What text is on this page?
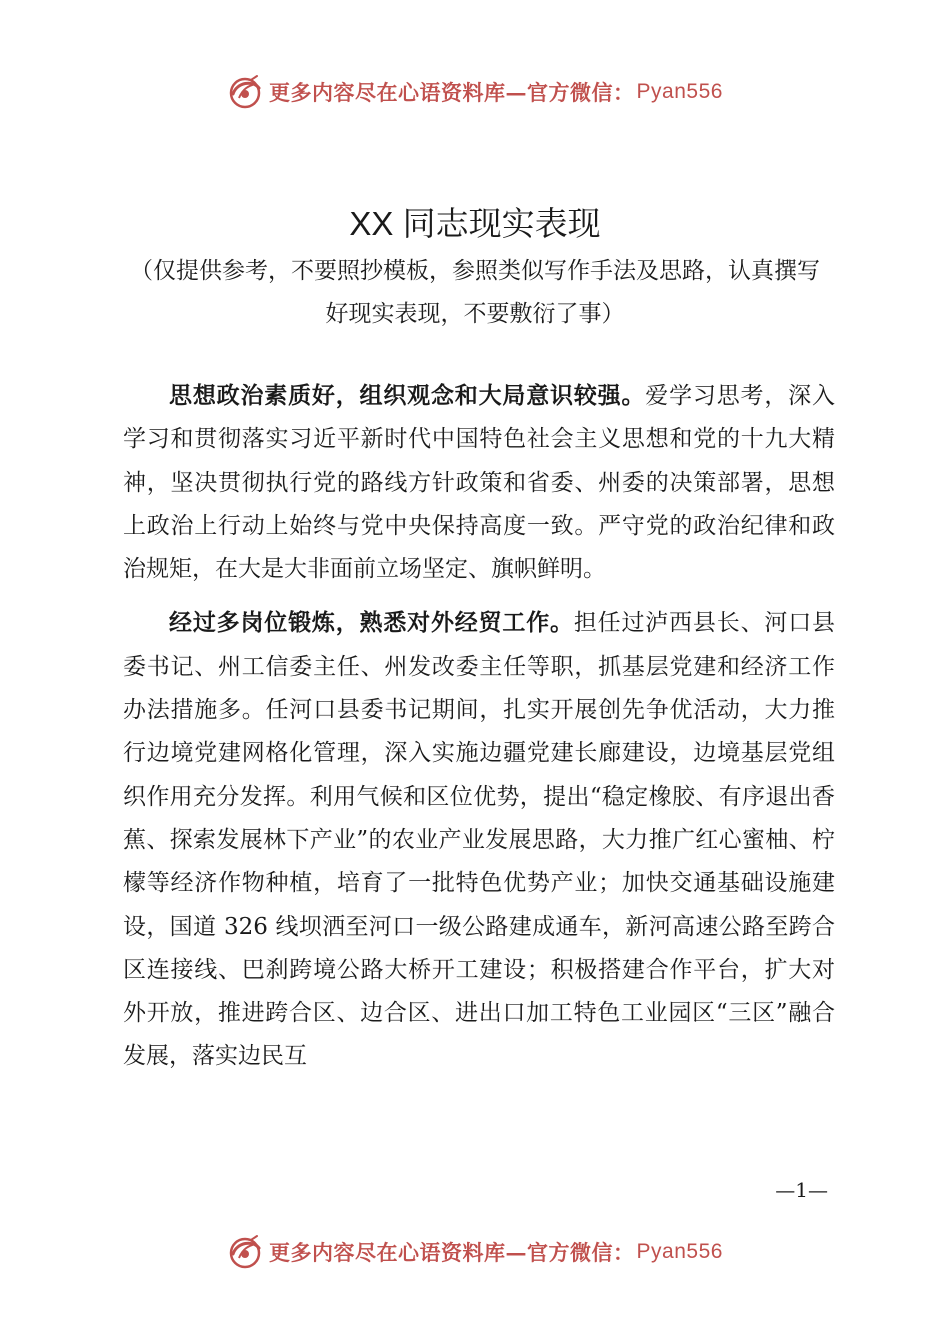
更多内容尽在心语资料库—官方微信： Pyan556
XX 同志现实表现
（仅提供参考，不要照抄模板，参照类似写作手法及思路，认真撰写好现实表现，不要敷衍了事）

思想政治素质好，组织观念和大局意识较强。爱学习思考，深入学习和贯彻落实习近平新时代中国特色社会主义思想和党的十九大精神，坚决贯彻执行党的路线方针政策和省委、州委的决策部署，思想上政治上行动上始终与党中央保持高度一致。严守党的政治纪律和政治规矩，在大是大非面前立场坚定、旗帜鲜明。

经过多岗位锻炼，熟悉对外经贸工作。担任过泸西县长、河口县委书记、州工信委主任、州发改委主任等职，抓基层党建和经济工作办法措施多。任河口县委书记期间，扎实开展创先争优活动，大力推行边境党建网格化管理，深入实施边疆党建长廊建设，边境基层党组织作用充分发挥。利用气候和区位优势，提出“稳定橡胶、有序退出香蕉、探索发展林下产业”的农业产业发展思路，大力推广红心蜜柚、柠檬等经济作物种植，培育了一批特色优势产业；加快交通基础设施建设，国道 326 线坝洒至河口一级公路建成通车，新河高速公路至跨合区连接线、巴刹跨境公路大桥开工建设；积极搭建合作平台，扩大对外开放，推进跨合区、边合区、进出口加工特色工业园区“三区”融合发展，落实边民互

—1—
更多内容尽在心语资料库—官方微信： Pyan556
